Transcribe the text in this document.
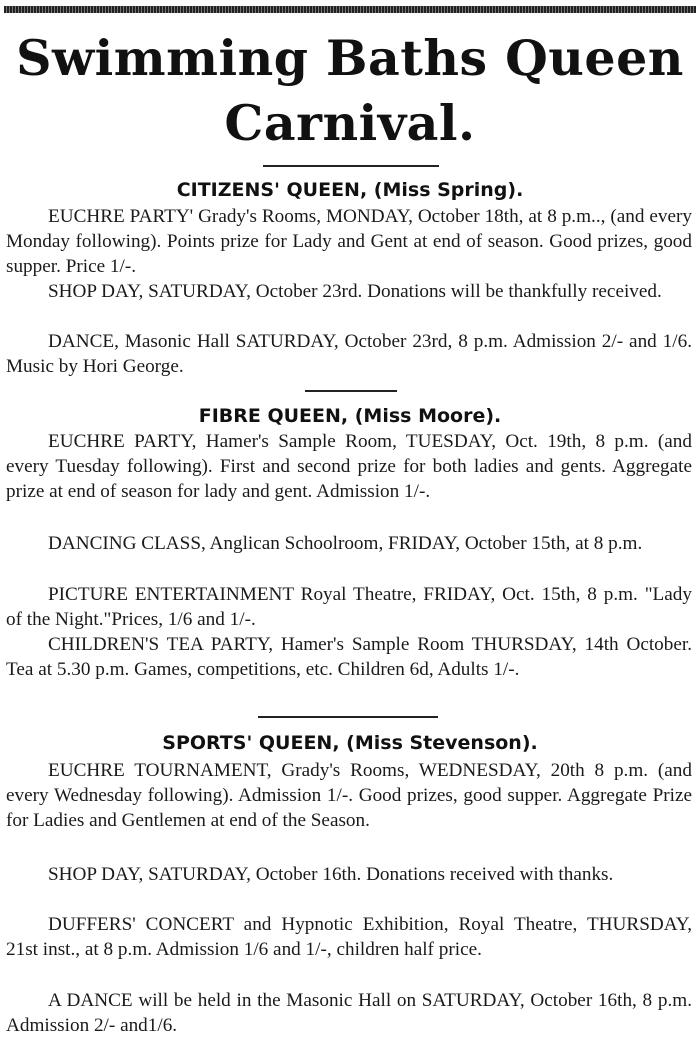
Swimming Baths Queen
Carnival.
CITIZENS' QUEEN, (Miss Spring).

EUCHRE PARTY' Grady's Rooms, MONDAY, October 18th, at 8 p.m.., (and every Monday following). Points prize for Lady and Gent at end of season. Good prizes, good supper. Price 1/-.

SHOP DAY, SATURDAY, October 23rd. Donations will be thankfully received.

DANCE, Masonic Hall SATURDAY, October 23rd, 8 p.m. Admission 2/- and 1/6. Music by Hori George.

FIBRE QUEEN, (Miss Moore).

EUCHRE PARTY, Hamer's Sample Room, TUESDAY, Oct. 19th, 8 p.m. (and every Tuesday following). First and second prize for both ladies and gents. Aggregate prize at end of season for lady and gent. Admission 1/-.

DANCING CLASS, Anglican Schoolroom, FRIDAY, October 15th, at 8 p.m.

PICTURE ENTERTAINMENT Royal Theatre, FRIDAY, Oct. 15th, 8 p.m. "Lady of the Night."Prices, 1/6 and 1/-.

CHILDREN'S TEA PARTY, Hamer's Sample Room THURSDAY, 14th October. Tea at 5.30 p.m. Games, competitions, etc. Children 6d, Adults 1/-.

SPORTS' QUEEN, (Miss Stevenson).

EUCHRE TOURNAMENT, Grady's Rooms, WEDNESDAY, 20th 8 p.m. (and every Wednesday following). Admission 1/-. Good prizes, good supper. Aggregate Prize for Ladies and Gentlemen at end of the Season.

SHOP DAY, SATURDAY, October 16th. Donations received with thanks.

DUFFERS' CONCERT and Hypnotic Exhibition, Royal Theatre, THURSDAY, 21st inst., at 8 p.m. Admission 1/6 and 1/-, children half price.

A DANCE will be held in the Masonic Hall on SATURDAY, October 16th, 8 p.m. Admission 2/- and1/6.
